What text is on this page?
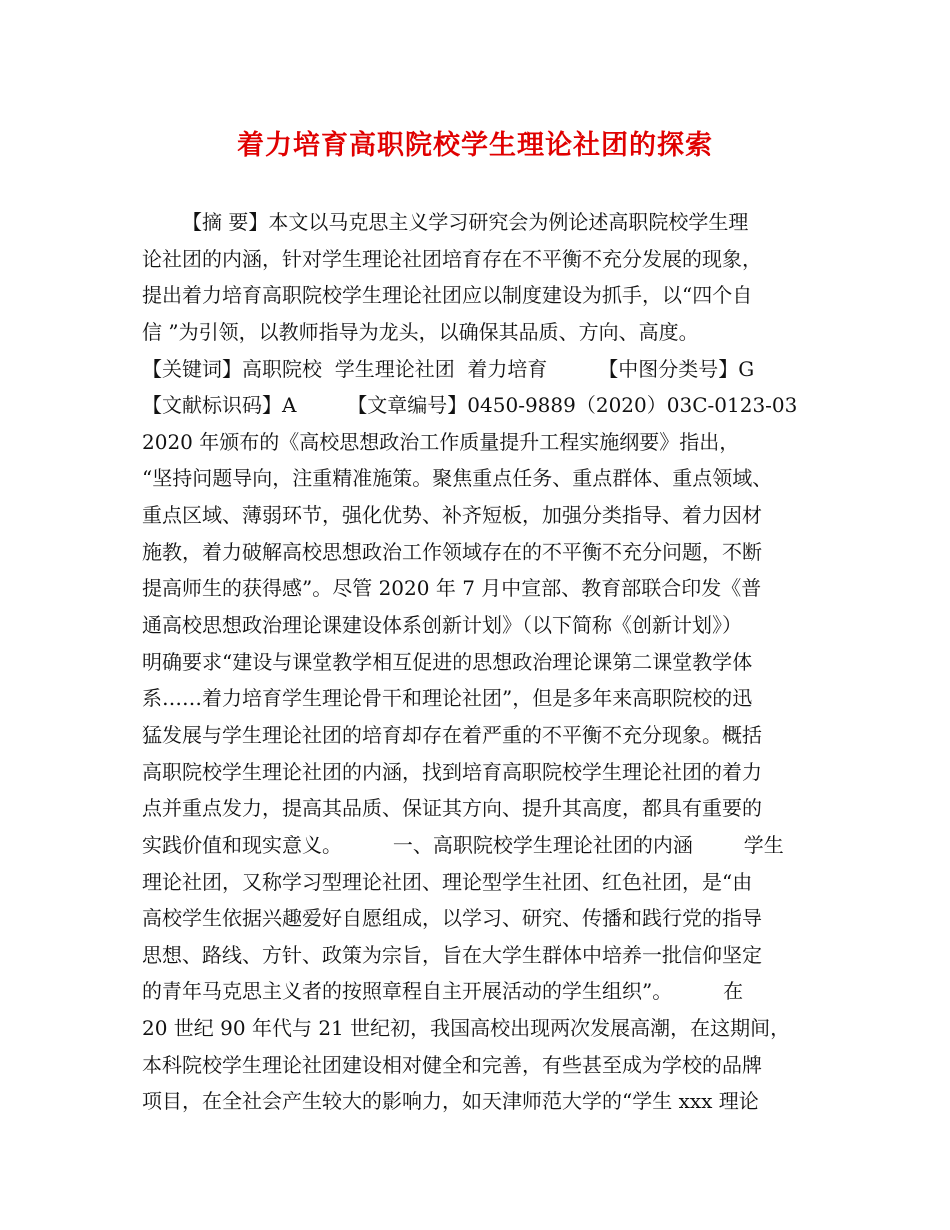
着力培育高职院校学生理论社团的探索
【摘 要】本文以马克思主义学习研究会为例论述高职院校学生理
论社团的内涵，针对学生理论社团培育存在不平衡不充分发展的现象，
提出着力培育高职院校学生理论社团应以制度建设为抓手，以“四个自
信 ”为引领，以教师指导为龙头，以确保其品质、方向、高度。
【关键词】高职院校  学生理论社团  着力培育        【中图分类号】G
【文献标识码】A        【文章编号】0450-9889（2020）03C-0123-03
2020 年颁布的《高校思想政治工作质量提升工程实施纲要》指出，
“坚持问题导向，注重精准施策。聚焦重点任务、重点群体、重点领域、
重点区域、薄弱环节，强化优势、补齐短板，加强分类指导、着力因材
施教，着力破解高校思想政治工作领域存在的不平衡不充分问题，不断
提高师生的获得感”。尽管 2020 年 7 月中宣部、教育部联合印发《普
通高校思想政治理论课建设体系创新计划》（以下简称《创新计划》）
明确要求“建设与课堂教学相互促进的思想政治理论课第二课堂教学体
系……着力培育学生理论骨干和理论社团”，但是多年来高职院校的迅
猛发展与学生理论社团的培育却存在着严重的不平衡不充分现象。概括
高职院校学生理论社团的内涵，找到培育高职院校学生理论社团的着力
点并重点发力，提高其品质、保证其方向、提升其高度，都具有重要的
实践价值和现实意义。        一、高职院校学生理论社团的内涵        学生
理论社团，又称学习型理论社团、理论型学生社团、红色社团，是“由
高校学生依据兴趣爱好自愿组成，以学习、研究、传播和践行党的指导
思想、路线、方针、政策为宗旨，旨在大学生群体中培养一批信仰坚定
的青年马克思主义者的按照章程自主开展活动的学生组织”。        在
20 世纪 90 年代与 21 世纪初，我国高校出现两次发展高潮，在这期间，
本科院校学生理论社团建设相对健全和完善，有些甚至成为学校的品牌
项目，在全社会产生较大的影响力，如天津师范大学的“学生 xxx 理论
